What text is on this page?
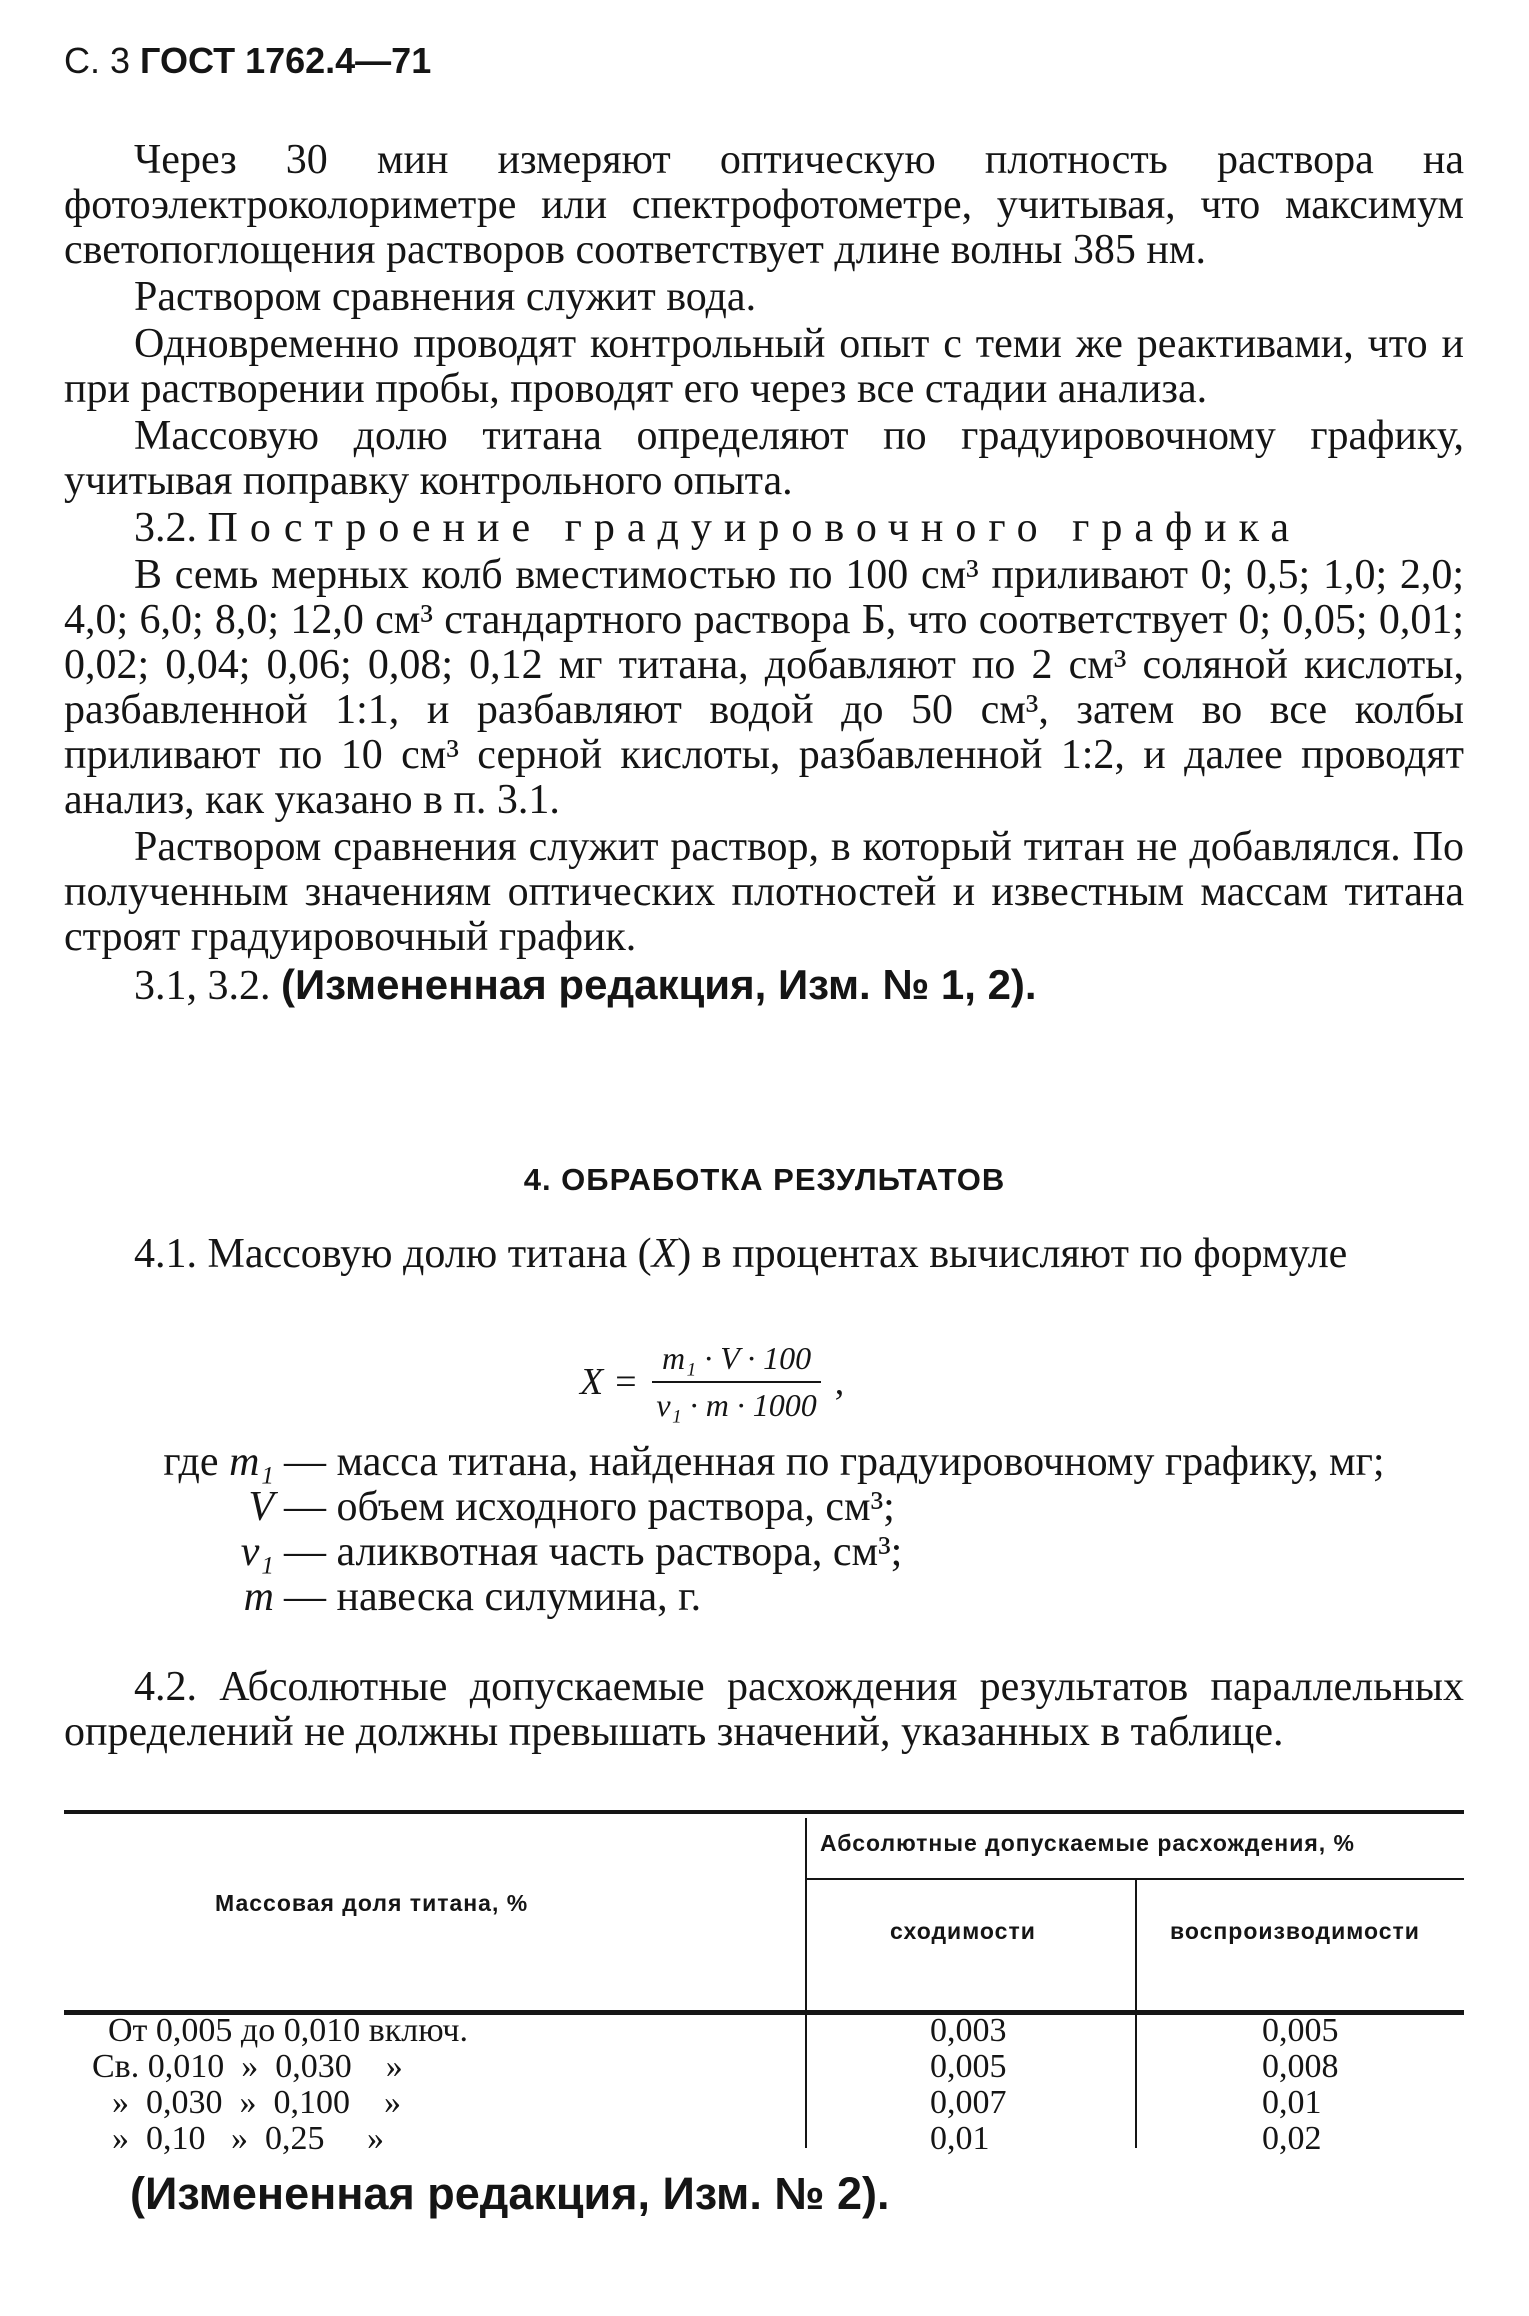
С. 3 ГОСТ 1762.4—71

Через 30 мин измеряют оптическую плотность раствора на фотоэлектроколориметре или спектрофотометре, учитывая, что максимум светопоглощения растворов соответствует длине волны 385 нм.

Раствором сравнения служит вода.

Одновременно проводят контрольный опыт с теми же реактивами, что и при растворении пробы, проводят его через все стадии анализа.

Массовую долю титана определяют по градуировочному графику, учитывая поправку контрольного опыта.

3.2. Построение градуировочного графика

В семь мерных колб вместимостью по 100 см³ приливают 0; 0,5; 1,0; 2,0; 4,0; 6,0; 8,0; 12,0 см³ стандартного раствора Б, что соответствует 0; 0,05; 0,01; 0,02; 0,04; 0,06; 0,08; 0,12 мг титана, добавляют по 2 см³ соляной кислоты, разбавленной 1:1, и разбавляют водой до 50 см³, затем во все колбы приливают по 10 см³ серной кислоты, разбавленной 1:2, и далее проводят анализ, как указано в п. 3.1.

Раствором сравнения служит раствор, в который титан не добавлялся. По полученным значениям оптических плотностей и известным массам титана строят градуировочный график.

3.1, 3.2. (Измененная редакция, Изм. № 1, 2).

4. ОБРАБОТКА РЕЗУЛЬТАТОВ

4.1. Массовую долю титана (X) в процентах вычисляют по формуле

$X = \frac{\text{m₁ · V · 100}}{\text{v₁ · m · 1000}}$ ,
где m₁ — масса титана, найденная по градуировочному графику, мг;
V — объем исходного раствора, см³;
v₁ — аликвотная часть раствора, см³;
m — навеска силумина, г.

4.2. Абсолютные допускаемые расхождения результатов параллельных определений не должны превышать значений, указанных в таблице.

Массовая доля титана, %
Абсолютные допускаемые расхождения, %
сходимости	воспроизводимости
От 0,005 до 0,010 включ.	0,003	0,005
Св. 0,010  »  0,030    »	0,005	0,008
»  0,030  »  0,100    »	0,007	0,01
»  0,10   »  0,25     »	0,01	0,02
(Измененная редакция, Изм. № 2).
